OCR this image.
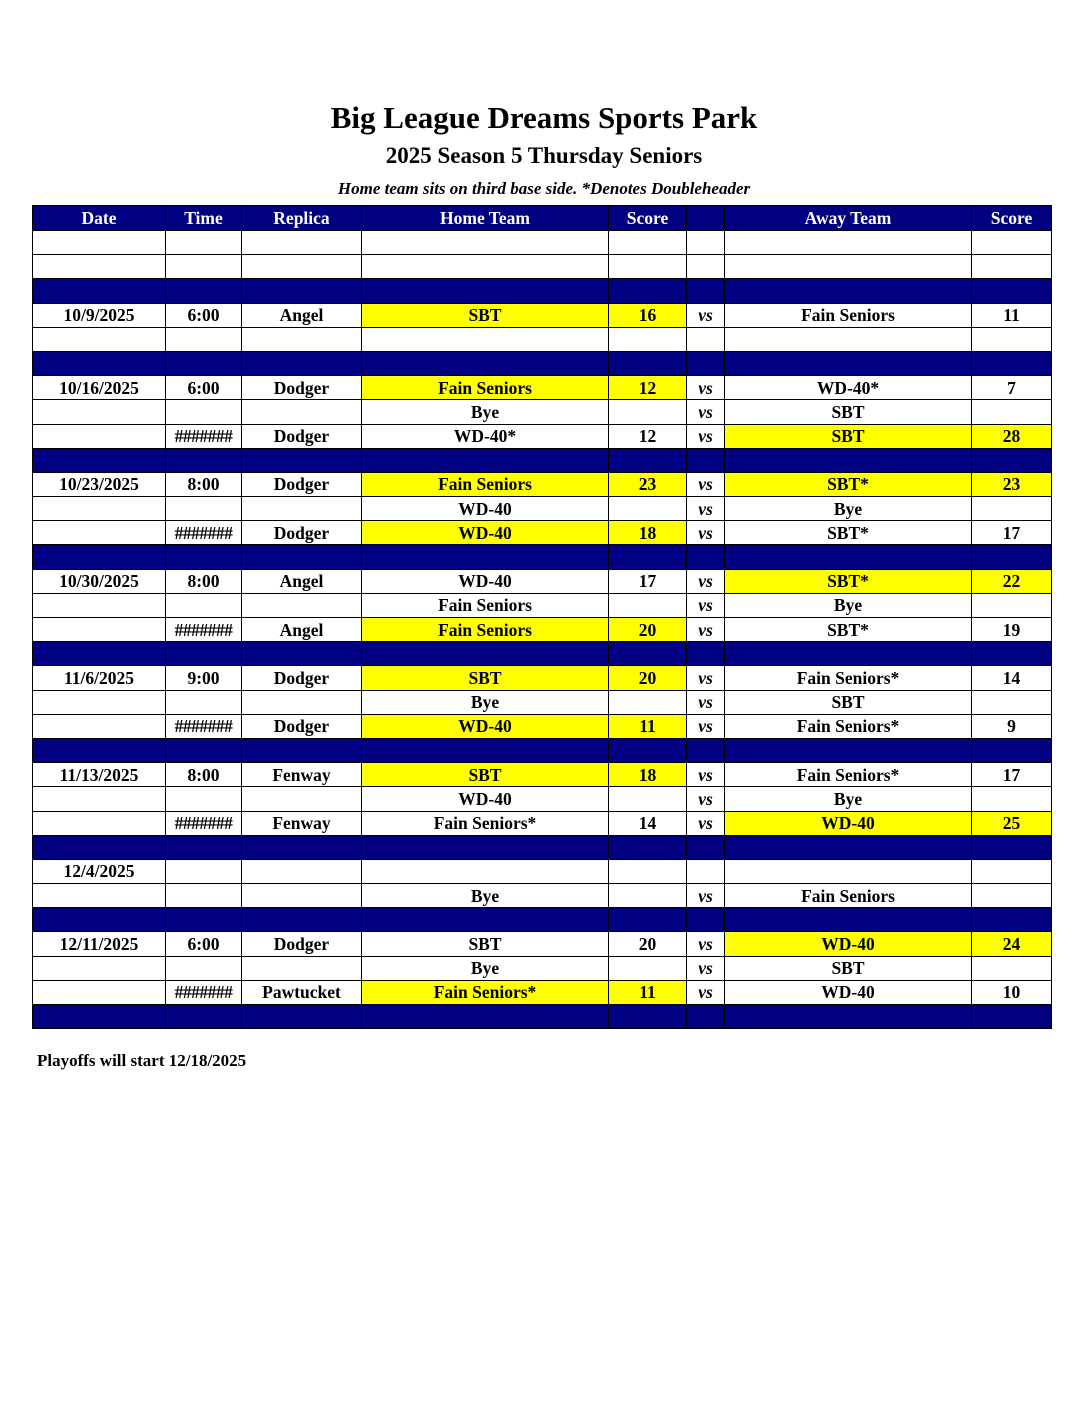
Big League Dreams Sports Park
2025 Season 5 Thursday Seniors
Home team sits on third base side. *Denotes Doubleheader
Date	Time	Replica	Home Team	Score		Away Team	Score

10/9/2025	6:00	Angel	SBT	16	vs	Fain Seniors	11

10/16/2025	6:00	Dodger	Fain Seniors	12	vs	WD-40*	7
			Bye		vs	SBT	
	#######	Dodger	WD-40*	12	vs	SBT	28

10/23/2025	8:00	Dodger	Fain Seniors	23	vs	SBT*	23
			WD-40		vs	Bye	
	#######	Dodger	WD-40	18	vs	SBT*	17

10/30/2025	8:00	Angel	WD-40	17	vs	SBT*	22
			Fain Seniors		vs	Bye	
	#######	Angel	Fain Seniors	20	vs	SBT*	19

11/6/2025	9:00	Dodger	SBT	20	vs	Fain Seniors*	14
			Bye		vs	SBT	
	#######	Dodger	WD-40	11	vs	Fain Seniors*	9

11/13/2025	8:00	Fenway	SBT	18	vs	Fain Seniors*	17
			WD-40		vs	Bye	
	#######	Fenway	Fain Seniors*	14	vs	WD-40	25

12/4/2025							
			Bye		vs	Fain Seniors	

12/11/2025	6:00	Dodger	SBT	20	vs	WD-40	24
			Bye		vs	SBT	
	#######	Pawtucket	Fain Seniors*	11	vs	WD-40	10

Playoffs will start 12/18/2025
